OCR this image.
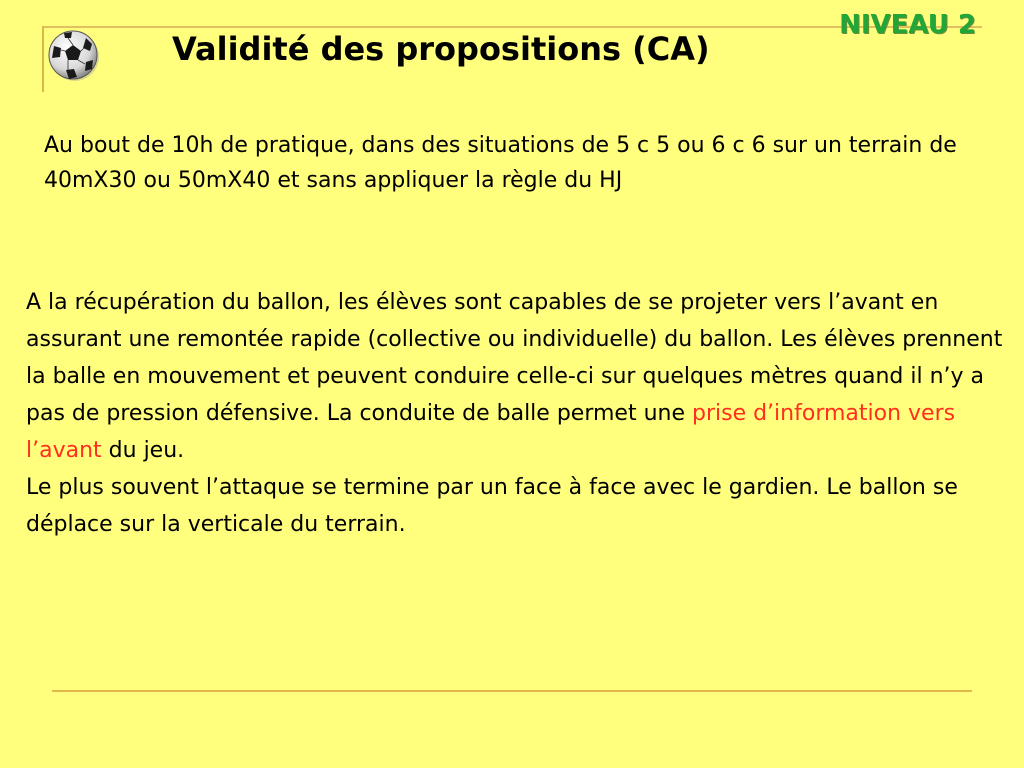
NIVEAU 2
Validité des propositions (CA)
Au bout de 10h de pratique, dans des situations de 5 c 5 ou 6 c 6 sur un terrain de 40mX30 ou 50mX40 et sans appliquer la règle du HJ
A la récupération du ballon, les élèves sont capables de se projeter vers l’avant en assurant une remontée rapide (collective ou individuelle) du ballon. Les élèves prennent la balle en mouvement et peuvent conduire celle-ci sur quelques mètres quand il n’y a pas de pression défensive. La conduite de balle permet une prise d’information vers l’avant du jeu.
Le plus souvent l’attaque se termine par un face à face avec le gardien. Le ballon se déplace sur la verticale du terrain.
